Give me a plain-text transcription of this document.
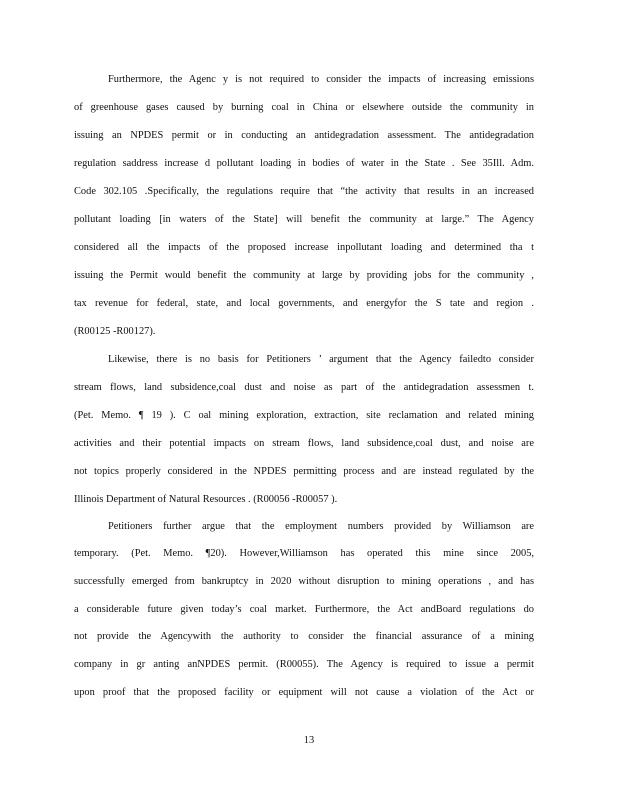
Furthermore, the Agenc y is not required to consider the impacts of increasing emissions
of greenhouse gases caused by burning coal in China or elsewhere outside the community in
issuing an NPDES permit or in conducting an antidegradation assessment. The antidegradation
regulation saddress increase d pollutant loading in bodies of water in the State . See 35Ill. Adm.
Code 302.105 .Specifically, the regulations require that “the activity that results in an increased
pollutant loading [in waters of the State] will benefit the community at large.” The Agency
considered all the impacts of the proposed increase inpollutant loading and determined tha t
issuing the Permit would benefit the community at large by providing jobs for the community ,
tax revenue for federal, state, and local governments, and energyfor the S tate and region .
(R00125 -R00127).
Likewise, there is no basis for Petitioners ’ argument that the Agency failedto consider
stream flows, land subsidence,coal dust and noise as part of the antidegradation assessmen t.
(Pet. Memo. ¶ 19 ). C oal mining exploration, extraction, site reclamation and related mining
activities and their potential impacts on stream flows, land subsidence,coal dust, and noise are
not topics properly considered in the NPDES permitting process and are instead regulated by the
Illinois Department of Natural Resources . (R00056 -R00057 ).
Petitioners further argue that the employment numbers provided by Williamson are
temporary. (Pet. Memo. ¶20). However,Williamson has operated this mine since 2005,
successfully emerged from bankruptcy in 2020 without disruption to mining operations , and has
a considerable future given today’s coal market. Furthermore, the Act andBoard regulations do
not provide the Agencywith the authority to consider the financial assurance of a mining
company in gr anting anNPDES permit. (R00055). The Agency is required to issue a permit
upon proof that the proposed facility or equipment will not cause a violation of the Act or
13
